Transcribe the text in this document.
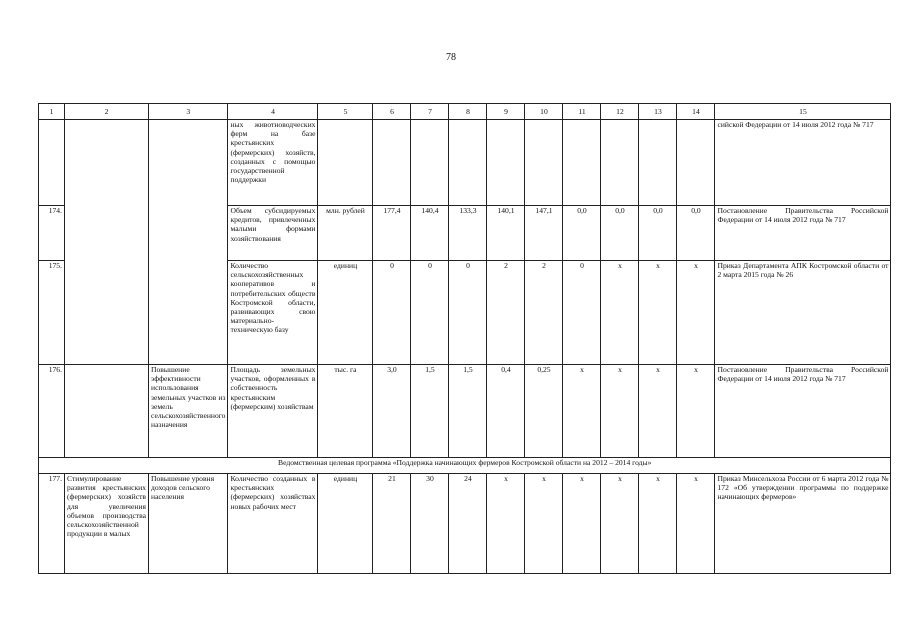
78
1	2	3	4	5	6	7	8	9	10	11	12	13	14	15
			ных животноводческих ферм на базе крестьянских (фермерских) хозяйств, созданных с помощью государственной поддержки											сийской Федерации от 14 июля 2012 года № 717
174.			Объем субсидируемых кредитов, привлеченных малыми формами хозяйствования	млн. рублей	177,4	140,4	133,3	140,1	147,1	0,0	0,0	0,0	0,0	Постановление Правительства Российской Федерации от 14 июля 2012 года № 717
175.			Количество сельскохозяйственных кооперативов и потребительских обществ Костромской области, развивающих свою материально-техническую базу	единиц	0	0	0	2	2	0	х	х	х	Приказ Департамента АПК Костромской области от 2 марта 2015 года № 26
176.		Повышение эффективности использования земельных участков из земель сельскохозяйственного назначения	Площадь земельных участков, оформленных в собственность крестьянским (фермерским) хозяйствам	тыс. га	3,0	1,5	1,5	0,4	0,25	х	х	х	х	Постановление Правительства Российской Федерации от 14 июля 2012 года № 717
Ведомственная целевая программа «Поддержка начинающих фермеров Костромской области на 2012 – 2014 годы»														
177.	Стимулирование развития крестьянских (фермерских) хозяйств для увеличения объемов производства сельскохозяйственной продукции в малых	Повышение уровня доходов сельского населения	Количество созданных в крестьянских (фермерских) хозяйствах новых рабочих мест	единиц	21	30	24	х	х	х	х	х	х	Приказ Минсельхоза России от 6 марта 2012 года № 172 «Об утверждении программы по поддержке начинающих фермеров»
